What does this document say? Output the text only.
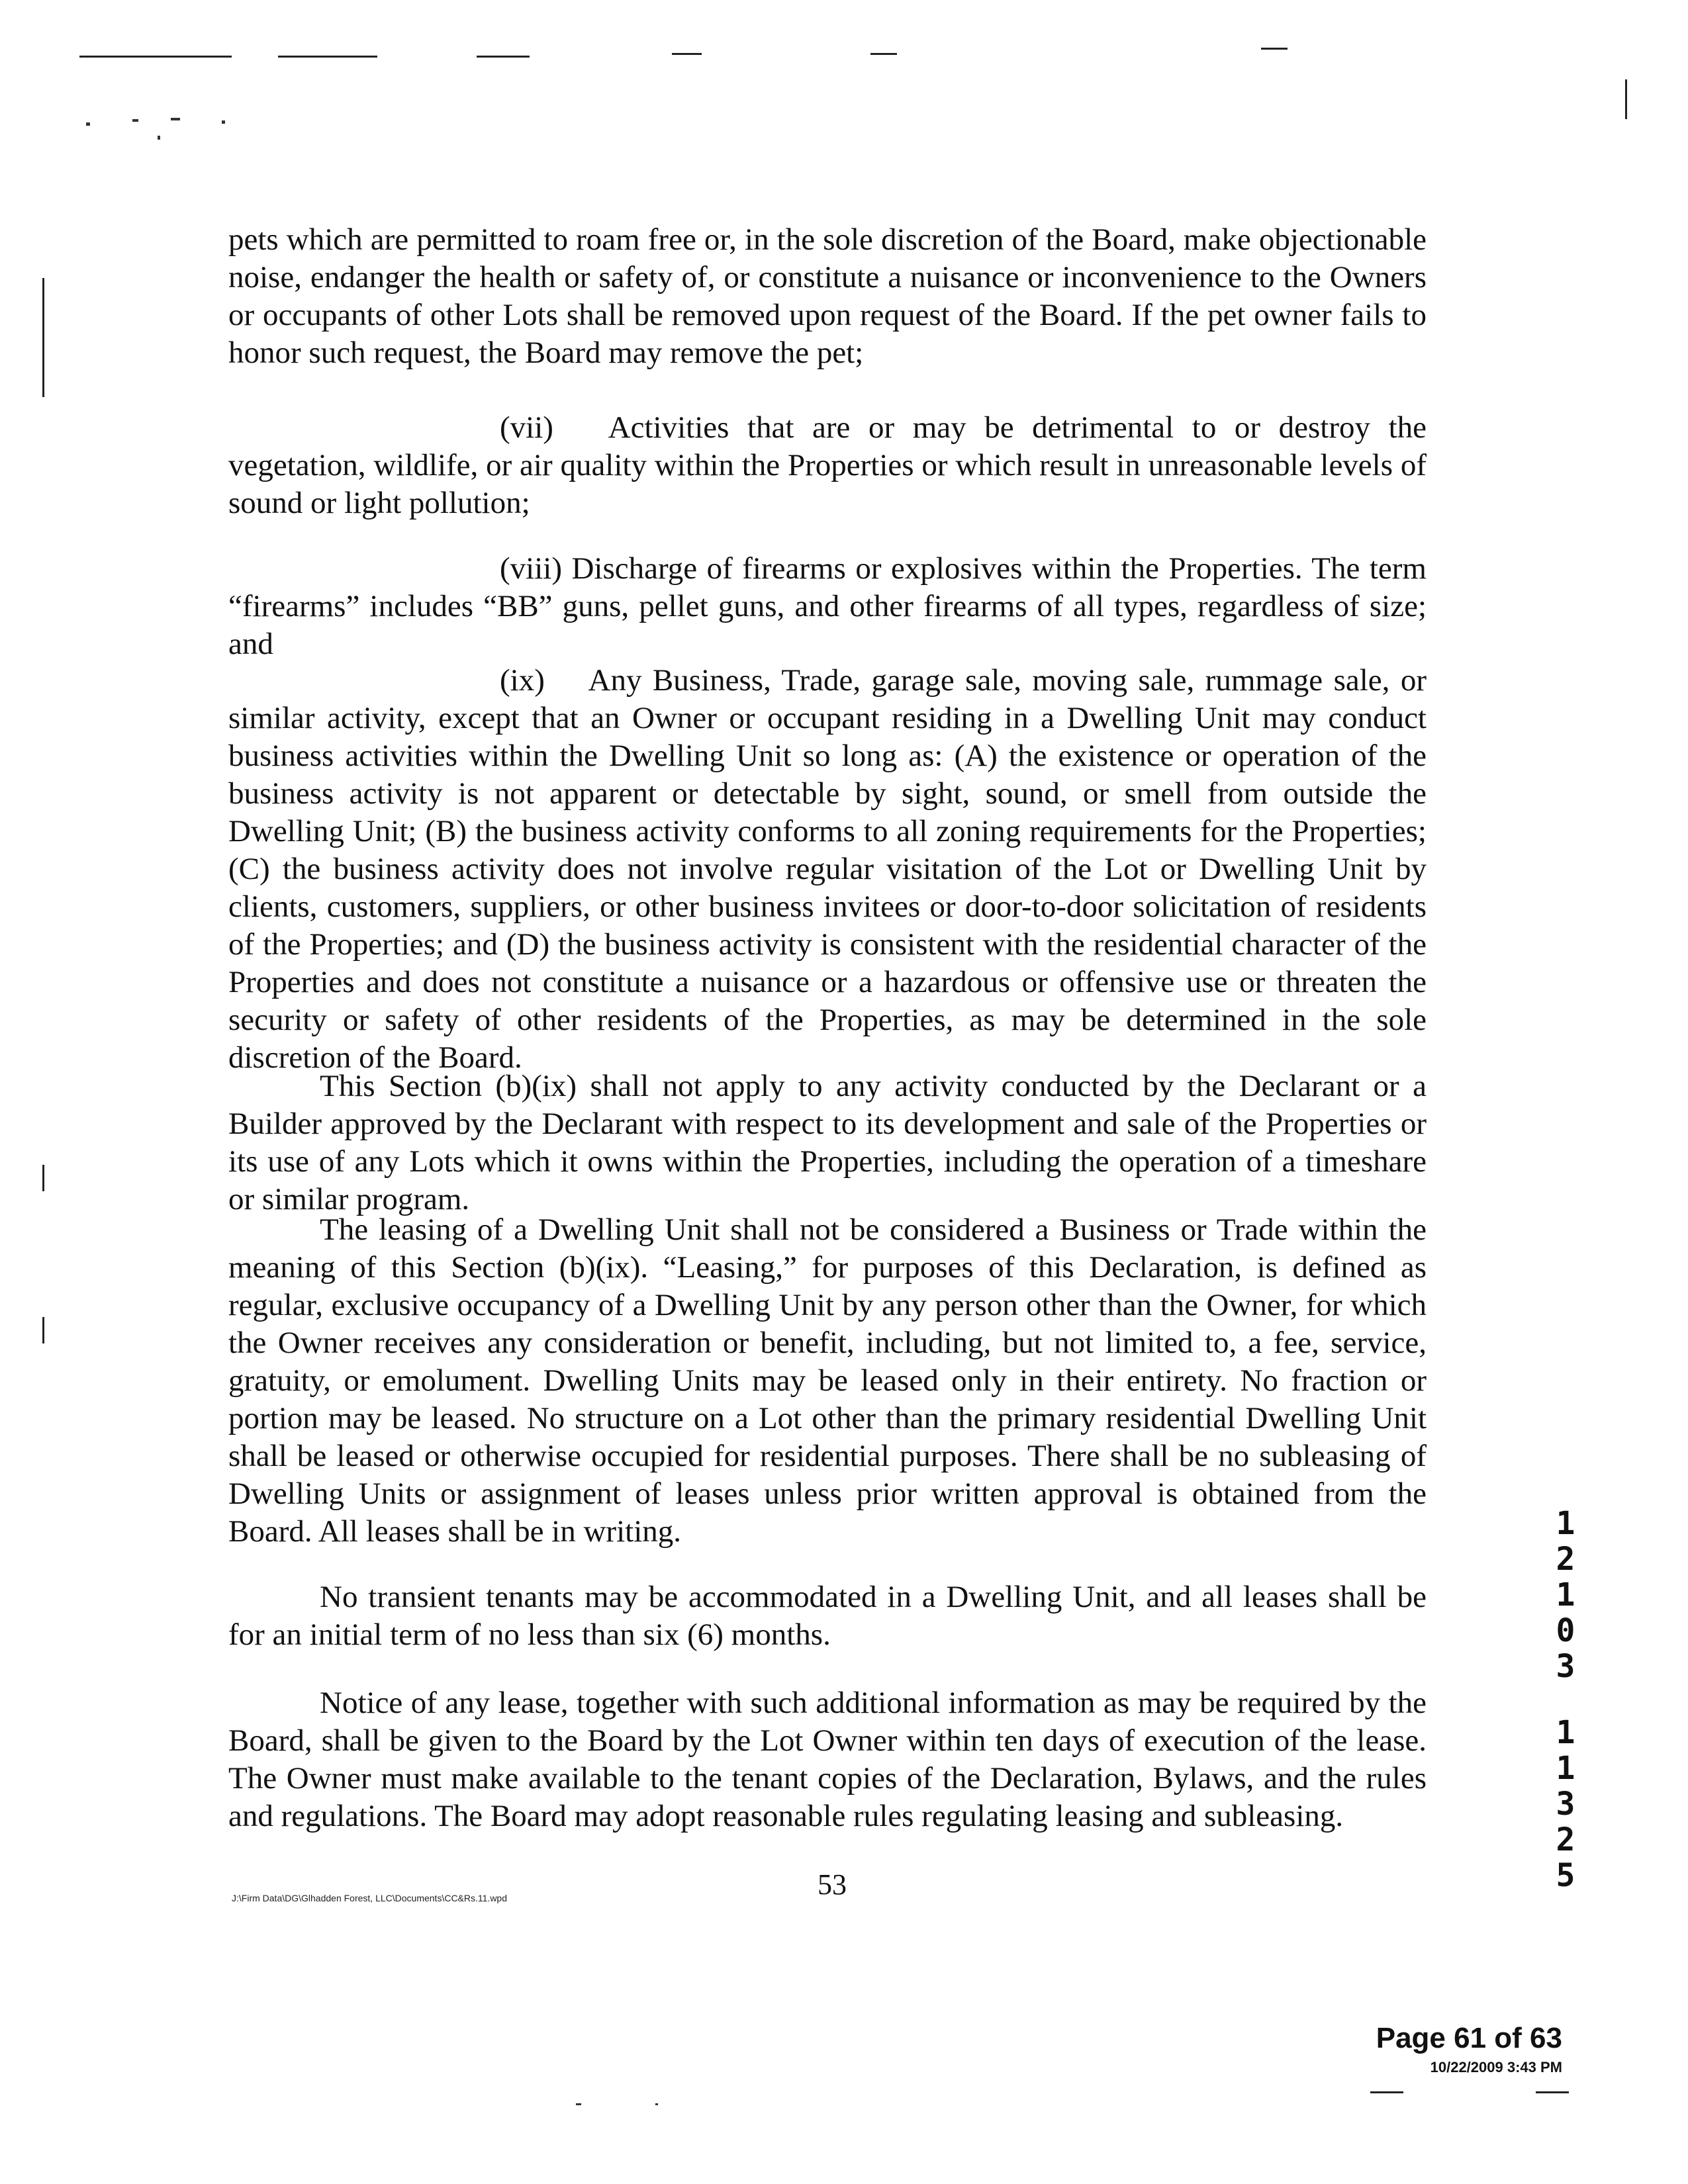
pets which are permitted to roam free or, in the sole discretion of the Board, make objectionable noise, endanger the health or safety of, or constitute a nuisance or inconvenience to the Owners or occupants of other Lots shall be removed upon request of the Board. If the pet owner fails to honor such request, the Board may remove the pet;

(vii)   Activities that are or may be detrimental to or destroy the vegetation, wildlife, or air quality within the Properties or which result in unreasonable levels of sound or light pollution;

(viii) Discharge of firearms or explosives within the Properties. The term “firearms” includes “BB” guns, pellet guns, and other firearms of all types, regardless of size; and

(ix)    Any Business, Trade, garage sale, moving sale, rummage sale, or similar activity, except that an Owner or occupant residing in a Dwelling Unit may conduct business activities within the Dwelling Unit so long as: (A) the existence or operation of the business activity is not apparent or detectable by sight, sound, or smell from outside the Dwelling Unit; (B) the business activity conforms to all zoning requirements for the Properties; (C) the business activity does not involve regular visitation of the Lot or Dwelling Unit by clients, customers, suppliers, or other business invitees or door-to-door solicitation of residents of the Properties; and (D) the business activity is consistent with the residential character of the Properties and does not constitute a nuisance or a hazardous or offensive use or threaten the security or safety of other residents of the Properties, as may be determined in the sole discretion of the Board.

This Section (b)(ix) shall not apply to any activity conducted by the Declarant or a Builder approved by the Declarant with respect to its development and sale of the Properties or its use of any Lots which it owns within the Properties, including the operation of a timeshare or similar program.

The leasing of a Dwelling Unit shall not be considered a Business or Trade within the meaning of this Section (b)(ix). “Leasing,” for purposes of this Declaration, is defined as regular, exclusive occupancy of a Dwelling Unit by any person other than the Owner, for which the Owner receives any consideration or benefit, including, but not limited to, a fee, service, gratuity, or emolument. Dwelling Units may be leased only in their entirety. No fraction or portion may be leased. No structure on a Lot other than the primary residential Dwelling Unit shall be leased or otherwise occupied for residential purposes. There shall be no subleasing of Dwelling Units or assignment of leases unless prior written approval is obtained from the Board. All leases shall be in writing.

No transient tenants may be accommodated in a Dwelling Unit, and all leases shall be for an initial term of no less than six (6) months.

Notice of any lease, together with such additional information as may be required by the Board, shall be given to the Board by the Lot Owner within ten days of execution of the lease. The Owner must make available to the tenant copies of the Declaration, Bylaws, and the rules and regulations. The Board may adopt reasonable rules regulating leasing and subleasing.

J:\Firm Data\DG\Glhadden Forest, LLC\Documents\CC&Rs.11.wpd	53
1
2
1
0
3
1
1
3
2
5
Page 61 of 63
10/22/2009 3:43 PM
